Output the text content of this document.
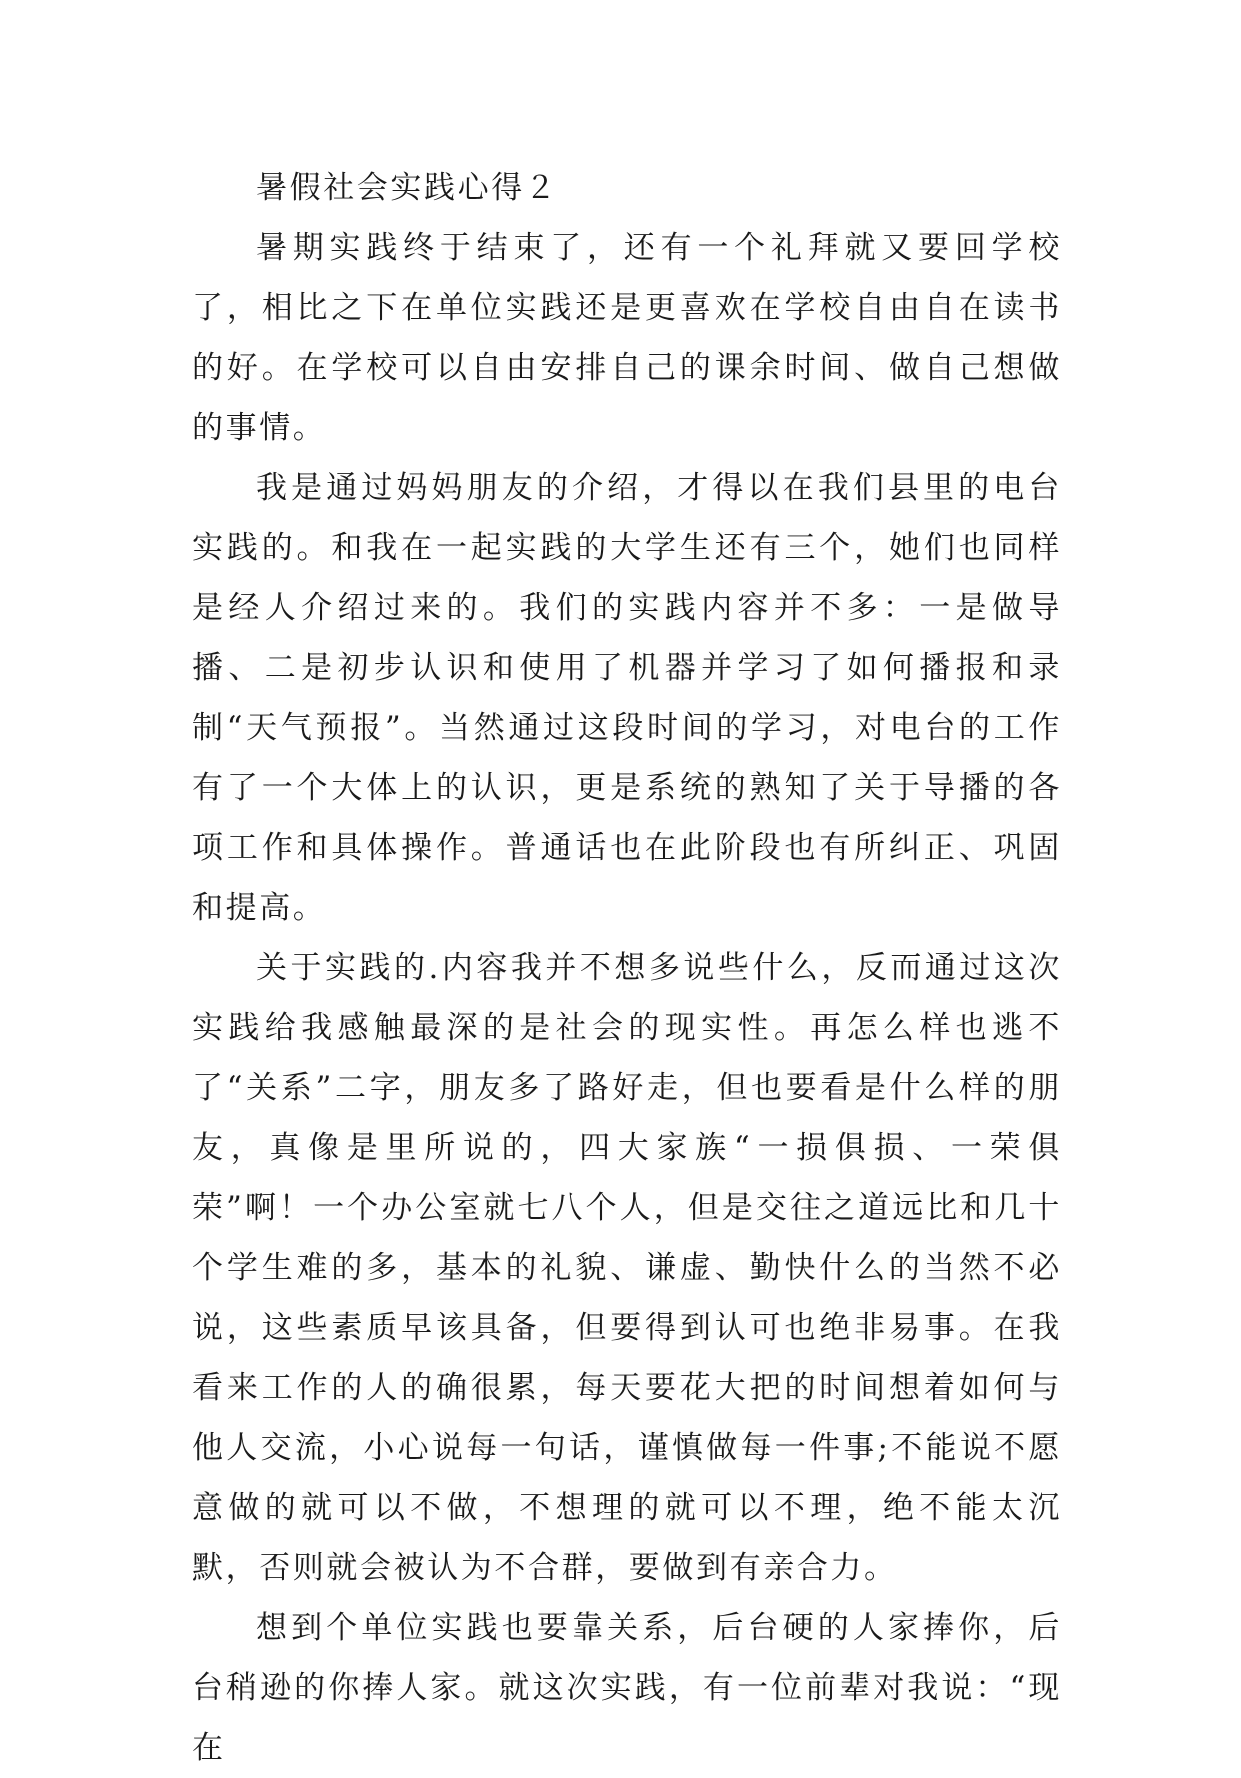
暑假社会实践心得２

暑期实践终于结束了，还有一个礼拜就又要回学校了，相比之下在单位实践还是更喜欢在学校自由自在读书的好。在学校可以自由安排自己的课余时间、做自己想做的事情。

我是通过妈妈朋友的介绍，才得以在我们县里的电台实践的。和我在一起实践的大学生还有三个，她们也同样是经人介绍过来的。我们的实践内容并不多：一是做导播、二是初步认识和使用了机器并学习了如何播报和录制“天气预报”。当然通过这段时间的学习，对电台的工作有了一个大体上的认识，更是系统的熟知了关于导播的各项工作和具体操作。普通话也在此阶段也有所纠正、巩固和提高。

关于实践的.内容我并不想多说些什么，反而通过这次实践给我感触最深的是社会的现实性。再怎么样也逃不了“关系”二字，朋友多了路好走，但也要看是什么样的朋友，真像是里所说的，四大家族“一损俱损、一荣俱荣”啊！一个办公室就七八个人，但是交往之道远比和几十个学生难的多，基本的礼貌、谦虚、勤快什么的当然不必说，这些素质早该具备，但要得到认可也绝非易事。在我看来工作的人的确很累，每天要花大把的时间想着如何与他人交流，小心说每一句话，谨慎做每一件事;不能说不愿意做的就可以不做，不想理的就可以不理，绝不能太沉默，否则就会被认为不合群，要做到有亲合力。

想到个单位实践也要靠关系，后台硬的人家捧你，后台稍逊的你捧人家。就这次实践，有一位前辈对我说：“现在
